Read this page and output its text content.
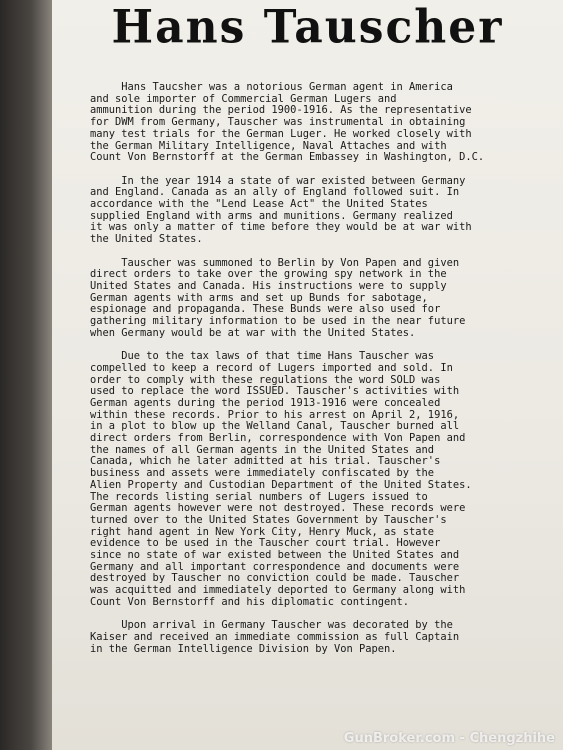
Hans Tauscher

Hans Taucsher was a notorious German agent in America
and sole importer of Commercial German Lugers and
ammunition during the period 1900-1916. As the representative
for DWM from Germany, Tauscher was instrumental in obtaining
many test trials for the German Luger. He worked closely with
the German Military Intelligence, Naval Attaches and with
Count Von Bernstorff at the German Embassey in Washington, D.C.

In the year 1914 a state of war existed between Germany
and England. Canada as an ally of England followed suit. In
accordance with the "Lend Lease Act" the United States
supplied England with arms and munitions. Germany realized
it was only a matter of time before they would be at war with
the United States.

Tauscher was summoned to Berlin by Von Papen and given
direct orders to take over the growing spy network in the
United States and Canada. His instructions were to supply
German agents with arms and set up Bunds for sabotage,
espionage and propaganda. These Bunds were also used for
gathering military information to be used in the near future
when Germany would be at war with the United States.

Due to the tax laws of that time Hans Tauscher was
compelled to keep a record of Lugers imported and sold. In
order to comply with these regulations the word SOLD was
used to replace the word ISSUED. Tauscher's activities with
German agents during the period 1913-1916 were concealed
within these records. Prior to his arrest on April 2, 1916,
in a plot to blow up the Welland Canal, Tauscher burned all
direct orders from Berlin, correspondence with Von Papen and
the names of all German agents in the United States and
Canada, which he later admitted at his trial. Tauscher's
business and assets were immediately confiscated by the
Alien Property and Custodian Department of the United States.
The records listing serial numbers of Lugers issued to
German agents however were not destroyed. These records were
turned over to the United States Government by Tauscher's
right hand agent in New York City, Henry Muck, as state
evidence to be used in the Tauscher court trial. However
since no state of war existed between the United States and
Germany and all important correspondence and documents were
destroyed by Tauscher no conviction could be made. Tauscher
was acquitted and immediately deported to Germany along with
Count Von Bernstorff and his diplomatic contingent.

Upon arrival in Germany Tauscher was decorated by the
Kaiser and received an immediate commission as full Captain
in the German Intelligence Division by Von Papen.

GunBroker.com - Chengzhihe
